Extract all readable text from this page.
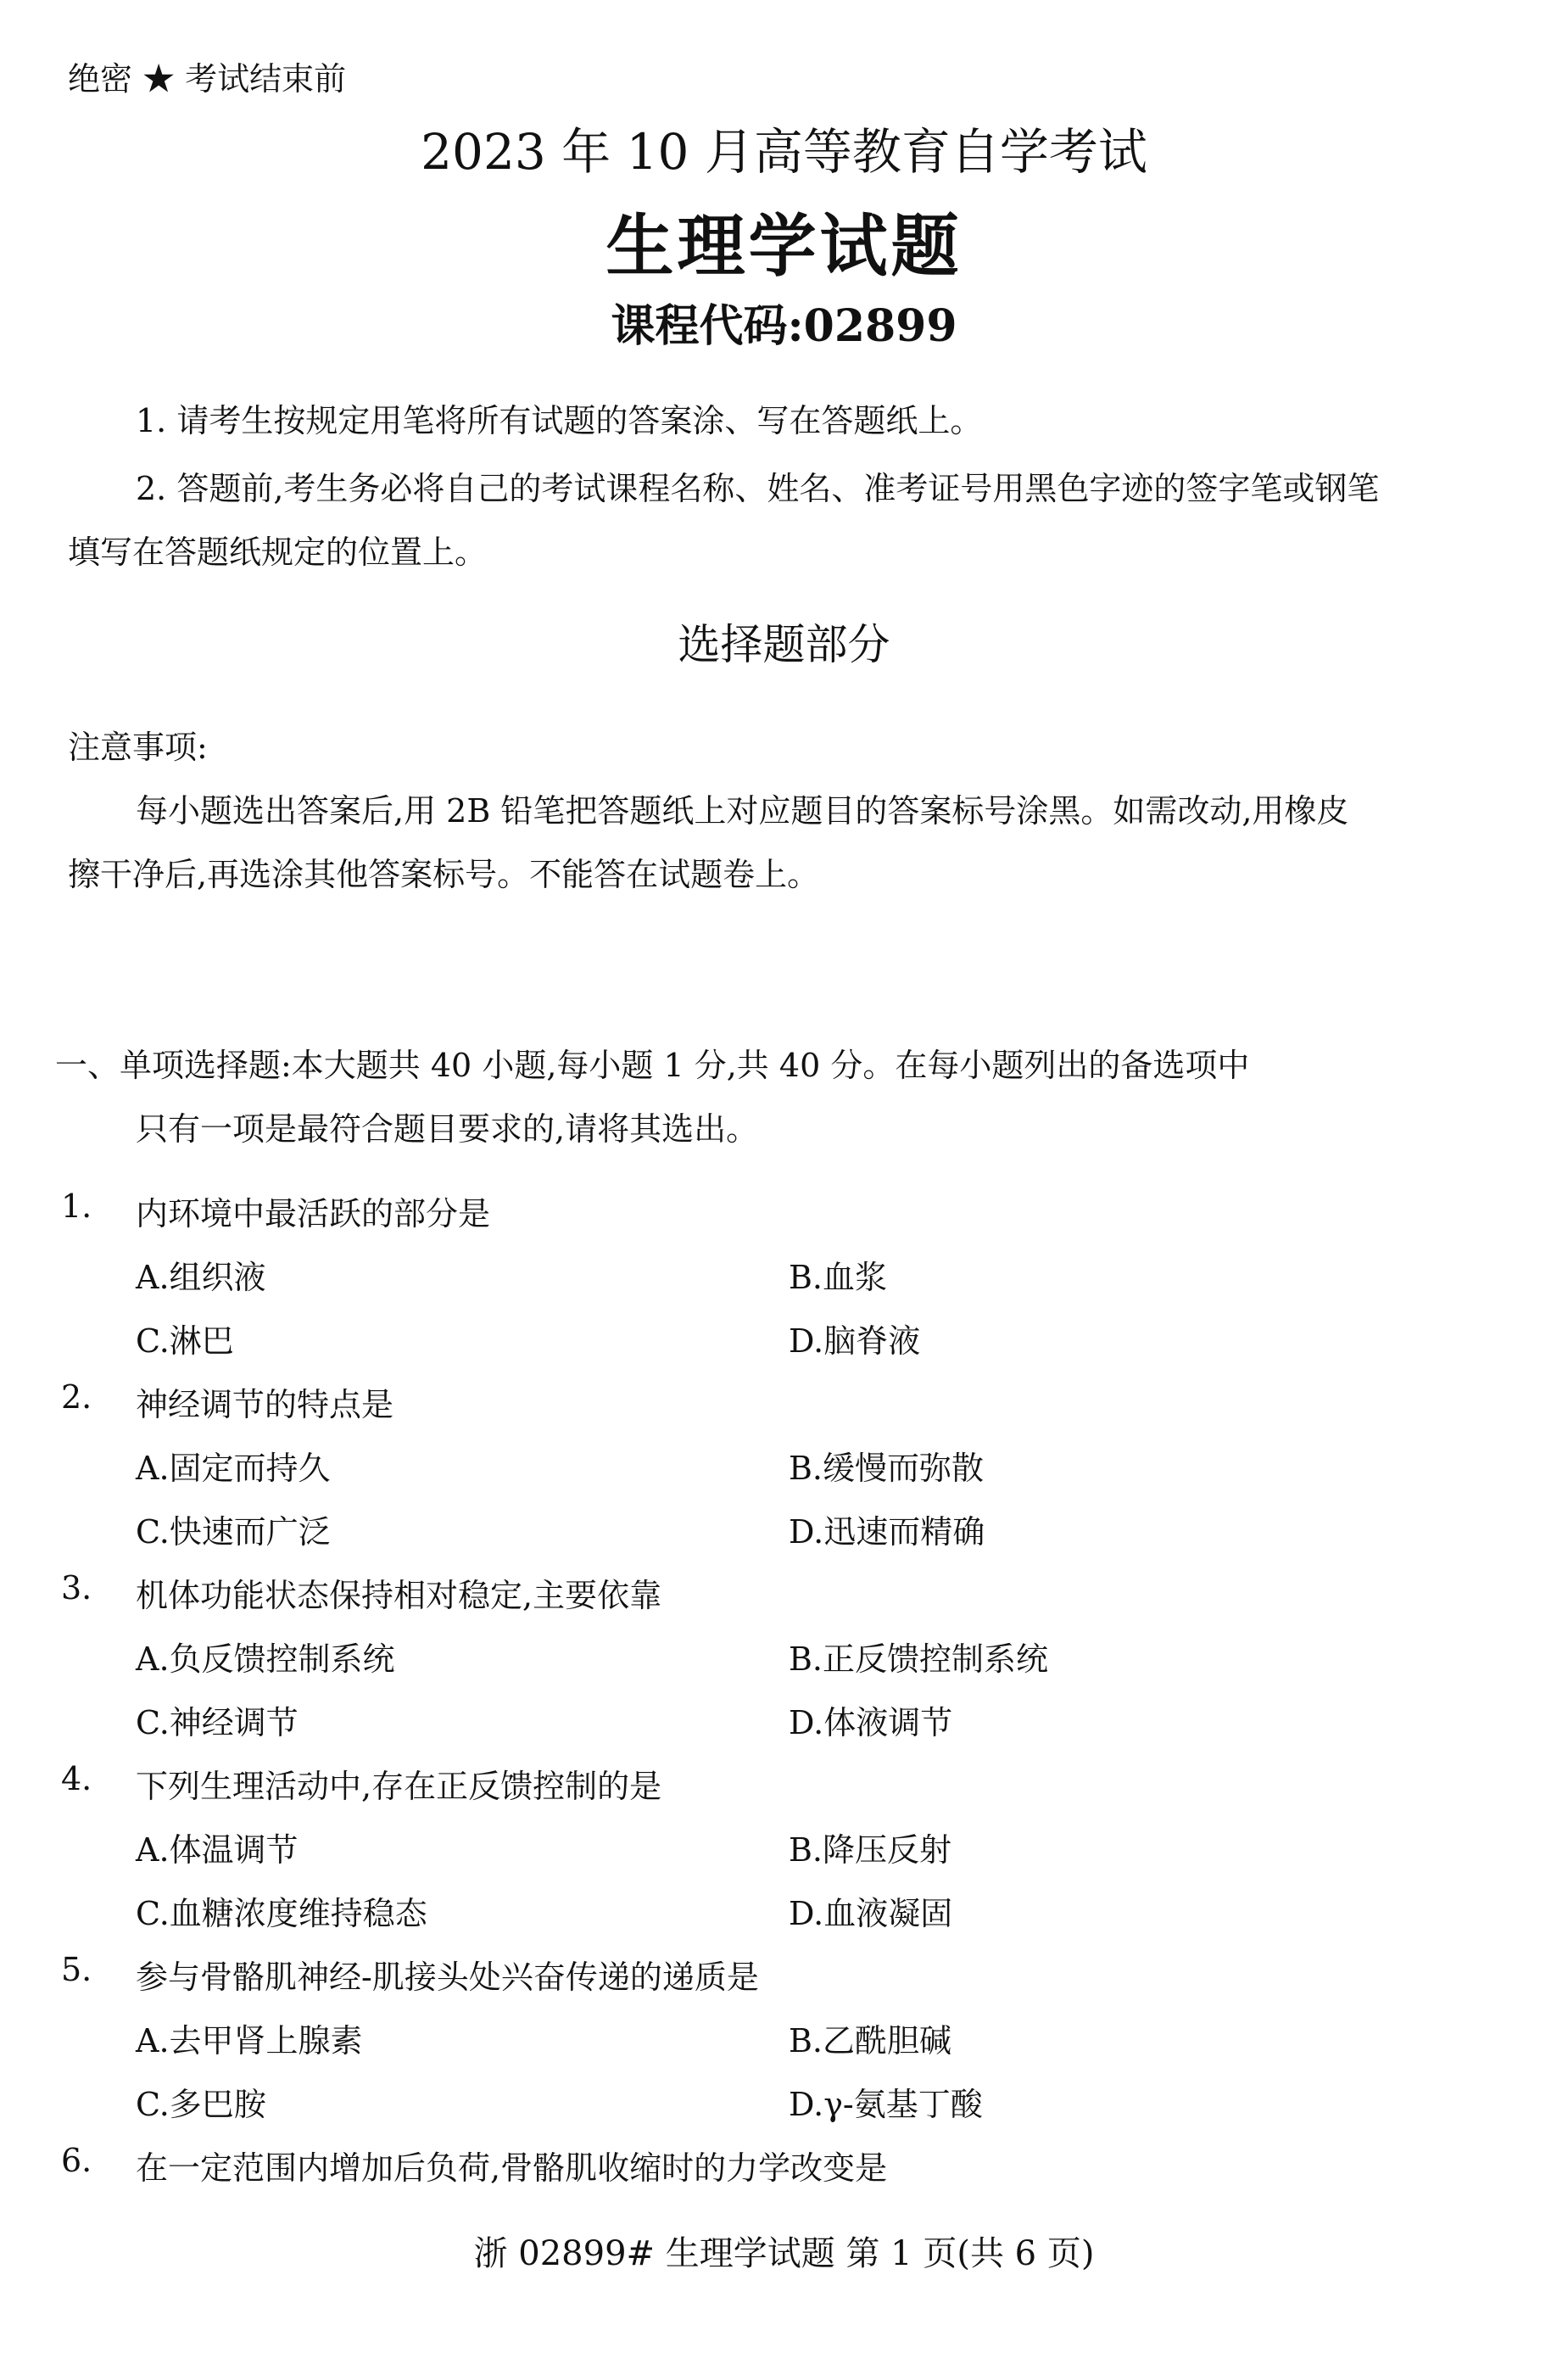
绝密 ★ 考试结束前
2023 年 10 月高等教育自学考试
生理学试题
课程代码:02899
1. 请考生按规定用笔将所有试题的答案涂、写在答题纸上。
2. 答题前,考生务必将自己的考试课程名称、姓名、准考证号用黑色字迹的签字笔或钢笔
填写在答题纸规定的位置上。
选择题部分
注意事项:
每小题选出答案后,用 2B 铅笔把答题纸上对应题目的答案标号涂黑。如需改动,用橡皮
擦干净后,再选涂其他答案标号。不能答在试题卷上。
一、单项选择题:本大题共 40 小题,每小题 1 分,共 40 分。在每小题列出的备选项中
只有一项是最符合题目要求的,请将其选出。
1. 内环境中最活跃的部分是
A.组织液	B.血浆
C.淋巴	D.脑脊液
2. 神经调节的特点是
A.固定而持久	B.缓慢而弥散
C.快速而广泛	D.迅速而精确
3. 机体功能状态保持相对稳定,主要依靠
A.负反馈控制系统	B.正反馈控制系统
C.神经调节	D.体液调节
4. 下列生理活动中,存在正反馈控制的是
A.体温调节	B.降压反射
C.血糖浓度维持稳态	D.血液凝固
5. 参与骨骼肌神经-肌接头处兴奋传递的递质是
A.去甲肾上腺素	B.乙酰胆碱
C.多巴胺	D.γ-氨基丁酸
6. 在一定范围内增加后负荷,骨骼肌收缩时的力学改变是
浙 02899# 生理学试题 第 1 页(共 6 页)
